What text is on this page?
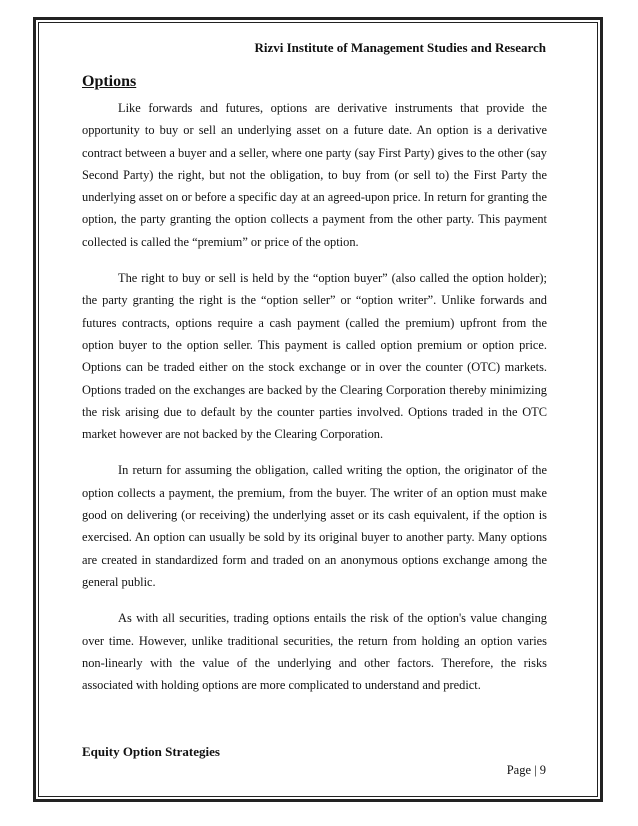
Rizvi Institute of Management Studies and Research
Options

Like forwards and futures, options are derivative instruments that provide the opportunity to buy or sell an underlying asset on a future date. An option is a derivative contract between a buyer and a seller, where one party (say First Party) gives to the other (say Second Party) the right, but not the obligation, to buy from (or sell to) the First Party the underlying asset on or before a specific day at an agreed-upon price. In return for granting the option, the party granting the option collects a payment from the other party. This payment collected is called the “premium” or price of the option.

The right to buy or sell is held by the “option buyer” (also called the option holder); the party granting the right is the “option seller” or “option writer”. Unlike forwards and futures contracts, options require a cash payment (called the premium) upfront from the option buyer to the option seller. This payment is called option premium or option price. Options can be traded either on the stock exchange or in over the counter (OTC) markets. Options traded on the exchanges are backed by the Clearing Corporation thereby minimizing the risk arising due to default by the counter parties involved. Options traded in the OTC market however are not backed by the Clearing Corporation.

In return for assuming the obligation, called writing the option, the originator of the option collects a payment, the premium, from the buyer. The writer of an option must make good on delivering (or receiving) the underlying asset or its cash equivalent, if the option is exercised. An option can usually be sold by its original buyer to another party. Many options are created in standardized form and traded on an anonymous options exchange among the general public.

As with all securities, trading options entails the risk of the option's value changing over time. However, unlike traditional securities, the return from holding an option varies non-linearly with the value of the underlying and other factors. Therefore, the risks associated with holding options are more complicated to understand and predict.

Equity Option Strategies
Page | 9
